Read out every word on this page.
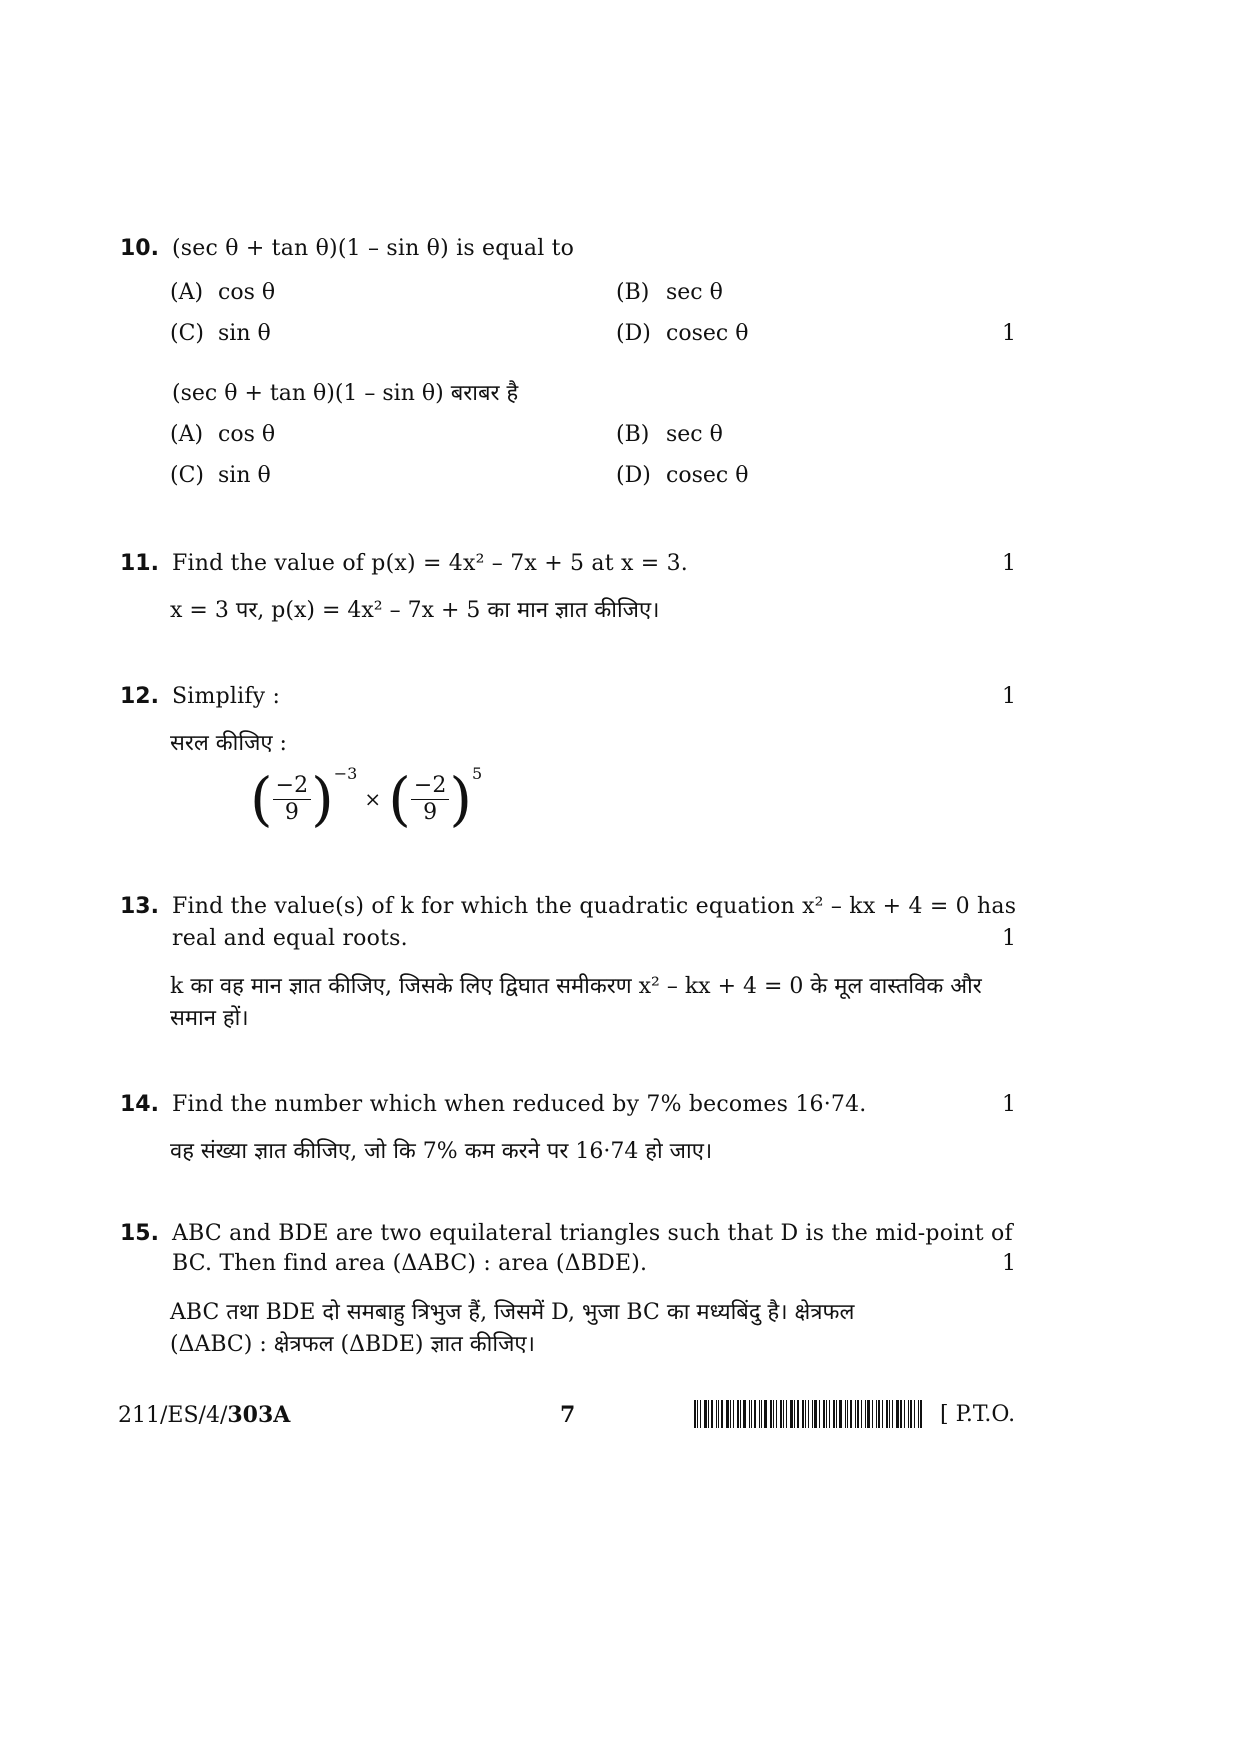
10. (sec θ + tan θ)(1 – sin θ) is equal to
(A) cos θ	(B) sec θ
(C) sin θ	(D) cosec θ	1
(sec θ + tan θ)(1 – sin θ) बराबर है
(A) cos θ	(B) sec θ
(C) sin θ	(D) cosec θ
11. Find the value of p(x) = 4x² – 7x + 5 at x = 3.	1
x = 3 पर, p(x) = 4x² – 7x + 5 का मान ज्ञात कीजिए।
12. Simplify :	1
सरल कीजिए :
( $\frac{-2}{9} )-3$ × ( $\frac{-2}{9} )5$
13. Find the value(s) of k for which the quadratic equation x² – kx + 4 = 0 has
real and equal roots.	1
k का वह मान ज्ञात कीजिए, जिसके लिए द्विघात समीकरण x² – kx + 4 = 0 के मूल वास्तविक और
समान हों।
14. Find the number which when reduced by 7% becomes 16·74.	1
वह संख्या ज्ञात कीजिए, जो कि 7% कम करने पर 16·74 हो जाए।
15. ABC and BDE are two equilateral triangles such that D is the mid-point of
BC. Then find area (ΔABC) : area (ΔBDE).	1
ABC तथा BDE दो समबाहु त्रिभुज हैं, जिसमें D, भुजा BC का मध्यबिंदु है। क्षेत्रफल
(ΔABC) : क्षेत्रफल (ΔBDE) ज्ञात कीजिए।
211/ES/4/303A	7	[ P.T.O.
